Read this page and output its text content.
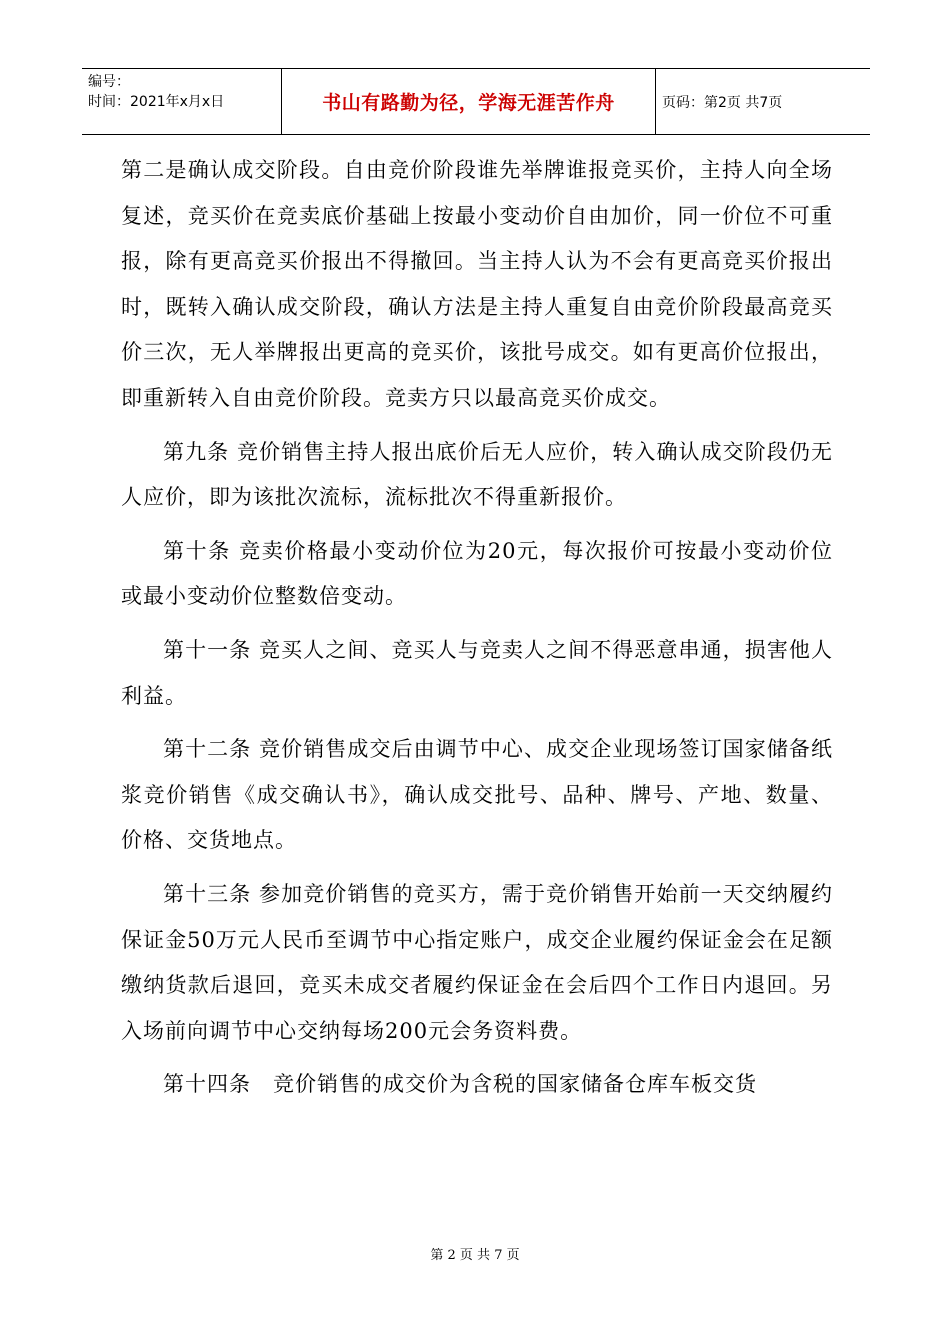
编号：
时间：2021年x月x日	书山有路勤为径，学海无涯苦作舟	页码：第2页 共7页

第二是确认成交阶段。自由竞价阶段谁先举牌谁报竞买价，主持人向全场复述，竞买价在竞卖底价基础上按最小变动价自由加价，同一价位不可重报，除有更高竞买价报出不得撤回。当主持人认为不会有更高竞买价报出时，既转入确认成交阶段，确认方法是主持人重复自由竞价阶段最高竞买价三次，无人举牌报出更高的竞买价，该批号成交。如有更高价位报出，即重新转入自由竞价阶段。竞卖方只以最高竞买价成交。

第九条 竞价销售主持人报出底价后无人应价，转入确认成交阶段仍无人应价，即为该批次流标，流标批次不得重新报价。

第十条 竞卖价格最小变动价位为20元，每次报价可按最小变动价位或最小变动价位整数倍变动。

第十一条 竞买人之间、竞买人与竞卖人之间不得恶意串通，损害他人利益。

第十二条 竞价销售成交后由调节中心、成交企业现场签订国家储备纸浆竞价销售《成交确认书》，确认成交批号、品种、牌号、产地、数量、价格、交货地点。

第十三条 参加竞价销售的竞买方，需于竞价销售开始前一天交纳履约保证金50万元人民币至调节中心指定账户，成交企业履约保证金会在足额缴纳货款后退回，竞买未成交者履约保证金在会后四个工作日内退回。另入场前向调节中心交纳每场200元会务资料费。

第十四条　竞价销售的成交价为含税的国家储备仓库车板交货

第 2 页 共 7 页
